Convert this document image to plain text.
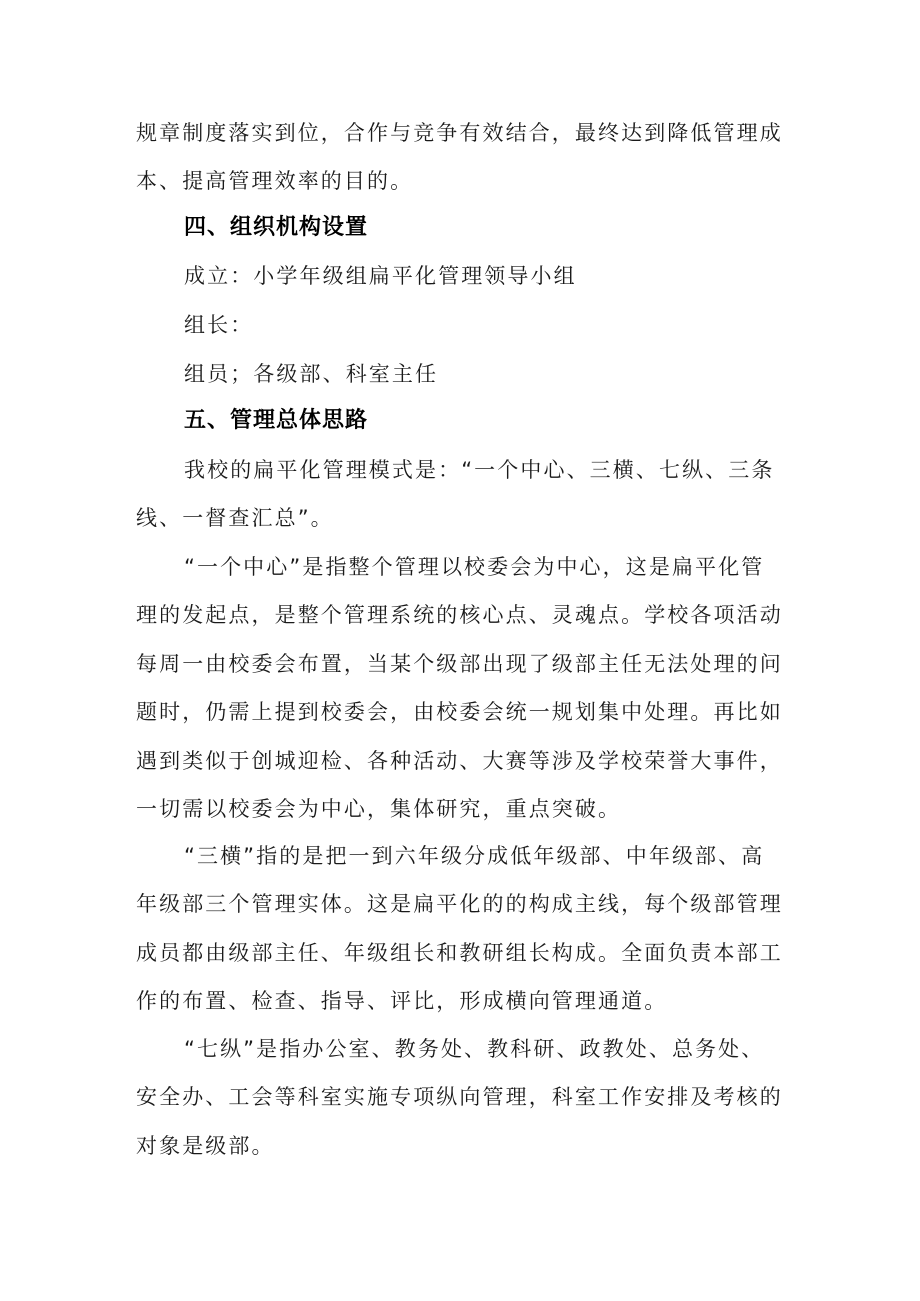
规章制度落实到位，合作与竞争有效结合，最终达到降低管理成

本、提高管理效率的目的。

四、组织机构设置

成立：小学年级组扁平化管理领导小组

组长：

组员；各级部、科室主任

五、管理总体思路

我校的扁平化管理模式是：“一个中心、三横、七纵、三条

线、一督查汇总”。

“一个中心”是指整个管理以校委会为中心，这是扁平化管

理的发起点，是整个管理系统的核心点、灵魂点。学校各项活动

每周一由校委会布置，当某个级部出现了级部主任无法处理的问

题时，仍需上提到校委会，由校委会统一规划集中处理。再比如

遇到类似于创城迎检、各种活动、大赛等涉及学校荣誉大事件，

一切需以校委会为中心，集体研究，重点突破。

“三横”指的是把一到六年级分成低年级部、中年级部、高

年级部三个管理实体。这是扁平化的的构成主线，每个级部管理

成员都由级部主任、年级组长和教研组长构成。全面负责本部工

作的布置、检查、指导、评比，形成横向管理通道。

“七纵”是指办公室、教务处、教科研、政教处、总务处、

安全办、工会等科室实施专项纵向管理，科室工作安排及考核的

对象是级部。
